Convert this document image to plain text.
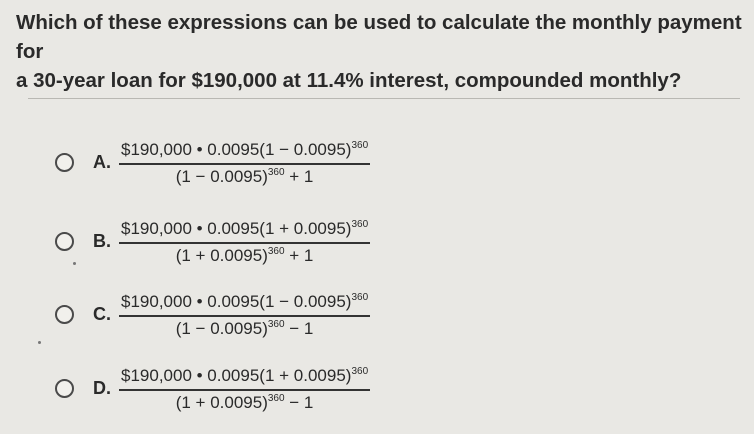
Which of these expressions can be used to calculate the monthly payment for
a 30-year loan for $190,000 at 11.4% interest, compounded monthly?
A.
$190,000 • $0.0095(1 - 0.0095)^{360}$
$(1 - 0.0095)^{360} + 1$
B.
$190,000 • $0.0095(1 + 0.0095)^{360}$
$(1 + 0.0095)^{360} + 1$
C.
$190,000 • $0.0095(1 - 0.0095)^{360}$
$(1 - 0.0095)^{360} - 1$
D.
$190,000 • $0.0095(1 + 0.0095)^{360}$
$(1 + 0.0095)^{360} - 1$
